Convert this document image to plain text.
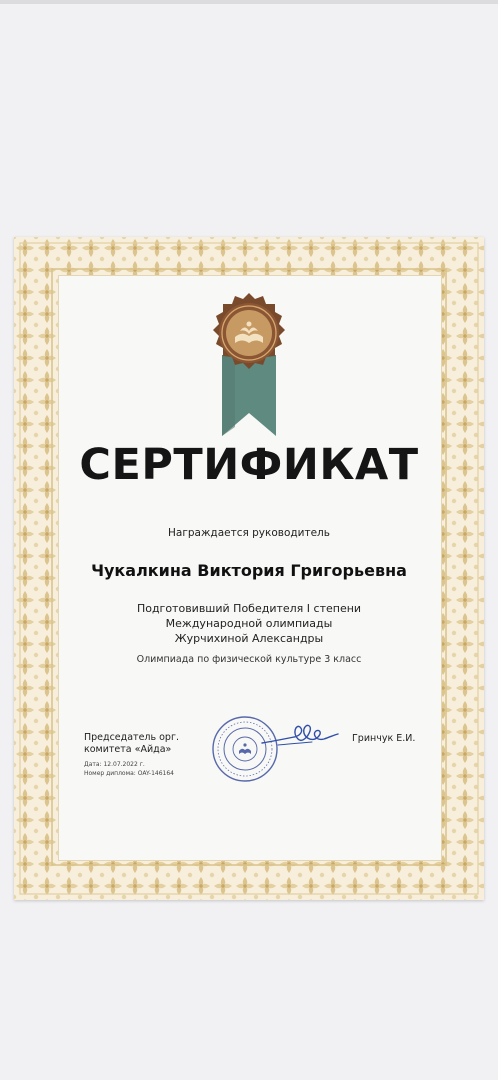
СЕРТИФИКАТ
Награждается руководитель
Чукалкина Виктория Григорьевна
Подготовивший Победителя I степени
Международной олимпиады
Журчихиной Александры
Олимпиада по физической культуре 3 класс
Председатель орг.
комитета «Айда»
Дата: 12.07.2022 г.
Номер диплома: OAY-146164
Гринчук Е.И.
